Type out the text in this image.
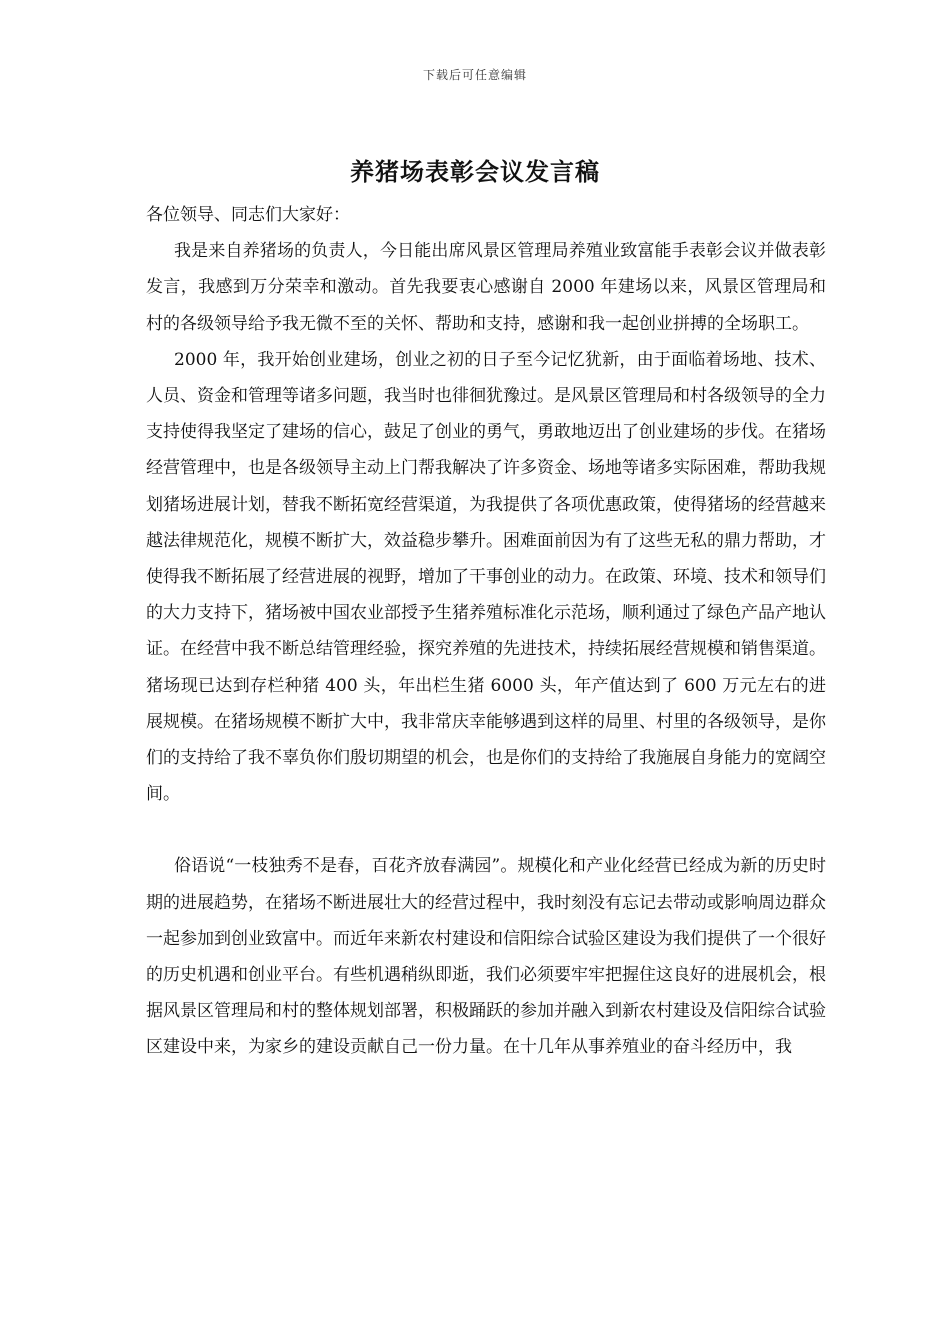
下载后可任意编辑
养猪场表彰会议发言稿

各位领导、同志们大家好：

我是来自养猪场的负责人，今日能出席风景区管理局养殖业致富能手表彰会议并做表彰发言，我感到万分荣幸和激动。首先我要衷心感谢自 2000 年建场以来，风景区管理局和村的各级领导给予我无微不至的关怀、帮助和支持，感谢和我一起创业拼搏的全场职工。

2000 年，我开始创业建场，创业之初的日子至今记忆犹新，由于面临着场地、技术、人员、资金和管理等诸多问题，我当时也徘徊犹豫过。是风景区管理局和村各级领导的全力支持使得我坚定了建场的信心，鼓足了创业的勇气，勇敢地迈出了创业建场的步伐。在猪场经营管理中，也是各级领导主动上门帮我解决了许多资金、场地等诸多实际困难，帮助我规划猪场进展计划，替我不断拓宽经营渠道，为我提供了各项优惠政策，使得猪场的经营越来越法律规范化，规模不断扩大，效益稳步攀升。困难面前因为有了这些无私的鼎力帮助，才使得我不断拓展了经营进展的视野，增加了干事创业的动力。在政策、环境、技术和领导们的大力支持下，猪场被中国农业部授予生猪养殖标准化示范场，顺利通过了绿色产品产地认证。在经营中我不断总结管理经验，探究养殖的先进技术，持续拓展经营规模和销售渠道。猪场现已达到存栏种猪 400 头，年出栏生猪 6000 头，年产值达到了 600 万元左右的进展规模。在猪场规模不断扩大中，我非常庆幸能够遇到这样的局里、村里的各级领导，是你们的支持给了我不辜负你们殷切期望的机会，也是你们的支持给了我施展自身能力的宽阔空间。

俗语说“一枝独秀不是春，百花齐放春满园”。规模化和产业化经营已经成为新的历史时期的进展趋势，在猪场不断进展壮大的经营过程中，我时刻没有忘记去带动或影响周边群众一起参加到创业致富中。而近年来新农村建设和信阳综合试验区建设为我们提供了一个很好的历史机遇和创业平台。有些机遇稍纵即逝，我们必须要牢牢把握住这良好的进展机会，根据风景区管理局和村的整体规划部署，积极踊跃的参加并融入到新农村建设及信阳综合试验区建设中来，为家乡的建设贡献自己一份力量。在十几年从事养殖业的奋斗经历中，我
